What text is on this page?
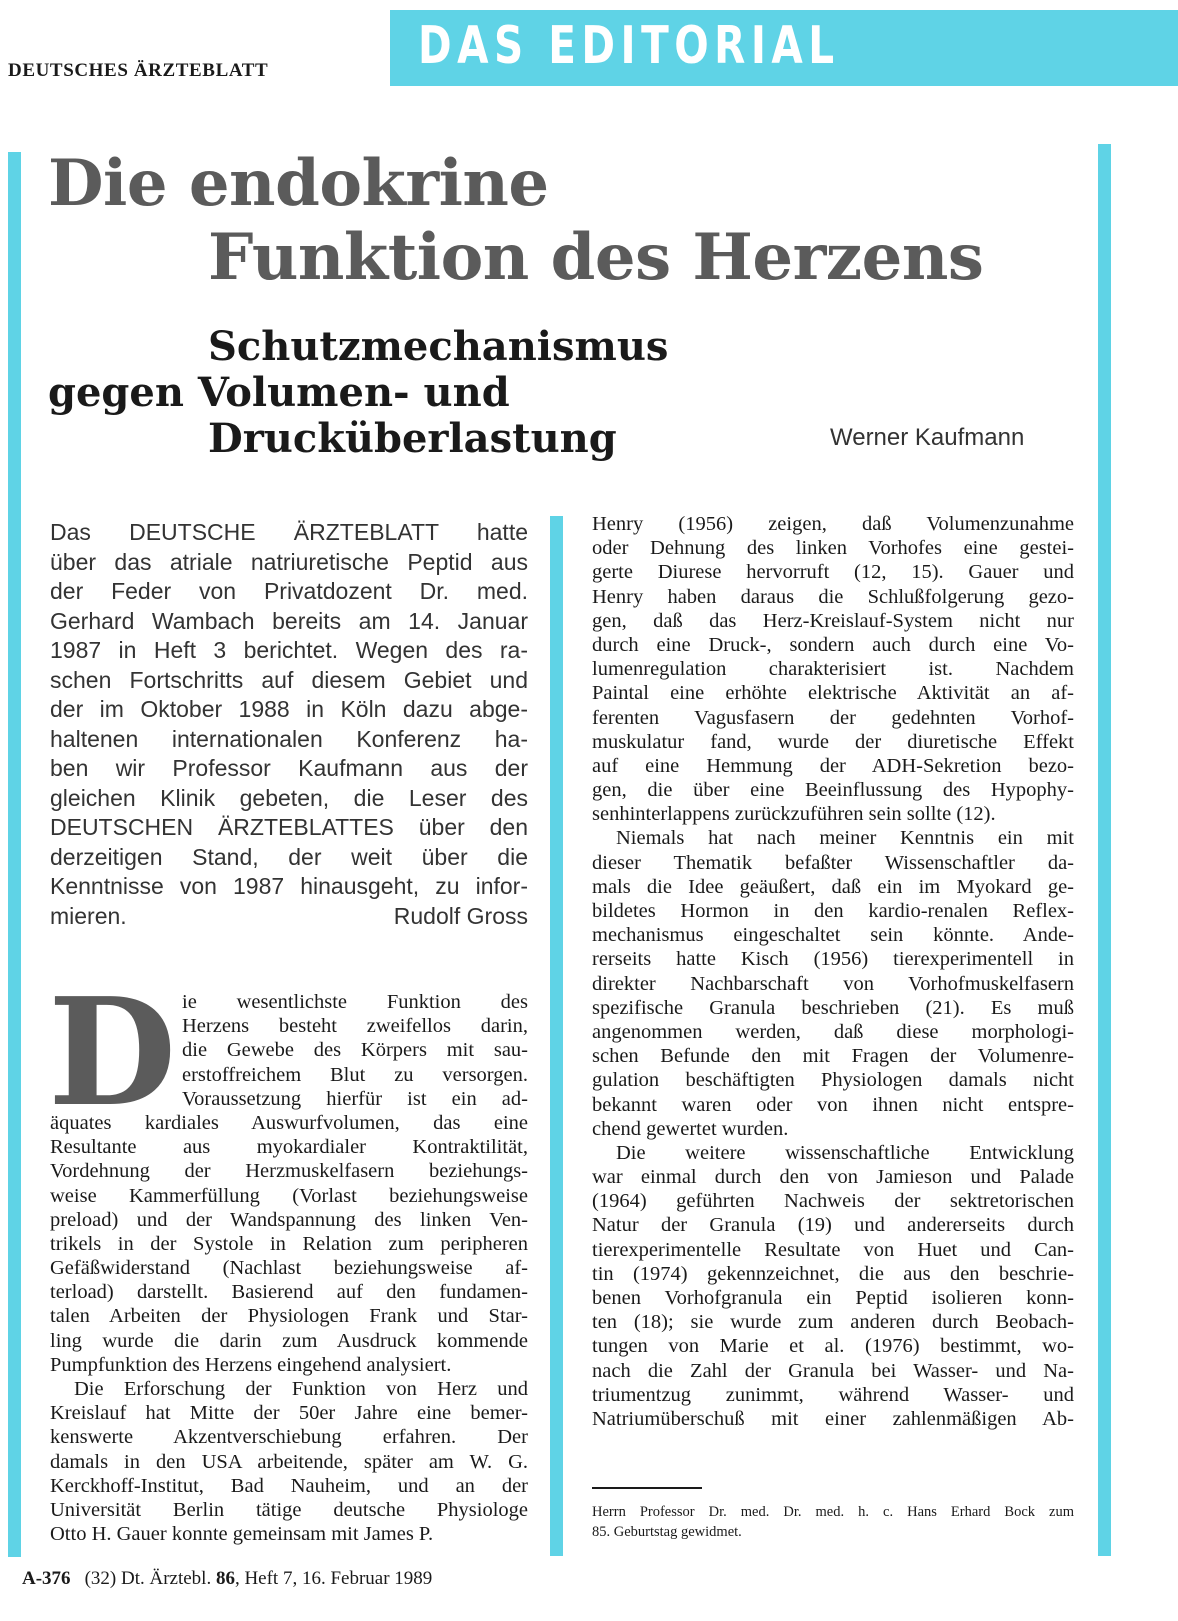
DEUTSCHES ÄRZTEBLATT	DAS EDITORIAL
Die endokrine
Funktion des Herzens
Schutzmechanismus
gegen Volumen- und
Drucküberlastung	Werner Kaufmann
Das DEUTSCHE ÄRZTEBLATT hatte
über das atriale natriuretische Peptid aus
der Feder von Privatdozent Dr. med.
Gerhard Wambach bereits am 14. Januar
1987 in Heft 3 berichtet. Wegen des ra-
schen Fortschritts auf diesem Gebiet und
der im Oktober 1988 in Köln dazu abge-
haltenen internationalen Konferenz ha-
ben wir Professor Kaufmann aus der
gleichen Klinik gebeten, die Leser des
DEUTSCHEN ÄRZTEBLATTES über den
derzeitigen Stand, der weit über die
Kenntnisse von 1987 hinausgeht, zu infor-
mieren.	Rudolf Gross
D ie wesentlichste Funktion des
Herzens besteht zweifellos darin,
die Gewebe des Körpers mit sau-
erstoffreichem Blut zu versorgen.
Voraussetzung hierfür ist ein ad-
äquates kardiales Auswurfvolumen, das eine
Resultante aus myokardialer Kontraktilität,
Vordehnung der Herzmuskelfasern beziehungs-
weise Kammerfüllung (Vorlast beziehungsweise
preload) und der Wandspannung des linken Ven-
trikels in der Systole in Relation zum peripheren
Gefäßwiderstand (Nachlast beziehungsweise af-
terload) darstellt. Basierend auf den fundamen-
talen Arbeiten der Physiologen Frank und Star-
ling wurde die darin zum Ausdruck kommende
Pumpfunktion des Herzens eingehend analysiert.
Die Erforschung der Funktion von Herz und
Kreislauf hat Mitte der 50er Jahre eine bemer-
kenswerte Akzentverschiebung erfahren. Der
damals in den USA arbeitende, später am W. G.
Kerckhoff-Institut, Bad Nauheim, und an der
Universität Berlin tätige deutsche Physiologe
Otto H. Gauer konnte gemeinsam mit James P.
Henry (1956) zeigen, daß Volumenzunahme
oder Dehnung des linken Vorhofes eine gestei-
gerte Diurese hervorruft (12, 15). Gauer und
Henry haben daraus die Schlußfolgerung gezo-
gen, daß das Herz-Kreislauf-System nicht nur
durch eine Druck-, sondern auch durch eine Vo-
lumenregulation charakterisiert ist. Nachdem
Paintal eine erhöhte elektrische Aktivität an af-
ferenten Vagusfasern der gedehnten Vorhof-
muskulatur fand, wurde der diuretische Effekt
auf eine Hemmung der ADH-Sekretion bezo-
gen, die über eine Beeinflussung des Hypophy-
senhinterlappens zurückzuführen sein sollte (12).
Niemals hat nach meiner Kenntnis ein mit
dieser Thematik befaßter Wissenschaftler da-
mals die Idee geäußert, daß ein im Myokard ge-
bildetes Hormon in den kardio-renalen Reflex-
mechanismus eingeschaltet sein könnte. Ande-
rerseits hatte Kisch (1956) tierexperimentell in
direkter Nachbarschaft von Vorhofmuskelfasern
spezifische Granula beschrieben (21). Es muß
angenommen werden, daß diese morphologi-
schen Befunde den mit Fragen der Volumenre-
gulation beschäftigten Physiologen damals nicht
bekannt waren oder von ihnen nicht entspre-
chend gewertet wurden.
Die weitere wissenschaftliche Entwicklung
war einmal durch den von Jamieson und Palade
(1964) geführten Nachweis der sektretorischen
Natur der Granula (19) und andererseits durch
tierexperimentelle Resultate von Huet und Can-
tin (1974) gekennzeichnet, die aus den beschrie-
benen Vorhofgranula ein Peptid isolieren konn-
ten (18); sie wurde zum anderen durch Beobach-
tungen von Marie et al. (1976) bestimmt, wo-
nach die Zahl der Granula bei Wasser- und Na-
triumentzug zunimmt, während Wasser- und
Natriumüberschuß mit einer zahlenmäßigen Ab-
Herrn Professor Dr. med. Dr. med. h. c. Hans Erhard Bock zum
85. Geburtstag gewidmet.
A-376 (32) Dt. Ärztebl. 86, Heft 7, 16. Februar 1989
